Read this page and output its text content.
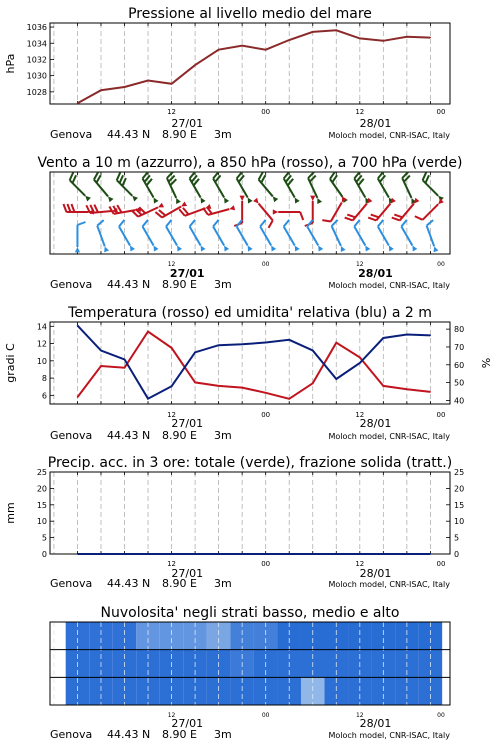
Pressione al livello medio del mare
1028
1030
1032
1034
1036
hPa
12	00	12	00
27/01	28/01
Genova 44.43 N 8.90 E 3m	Moloch model, CNR-ISAC, Italy
Vento a 10 m (azzurro), a 850 hPa (rosso), a 700 hPa (verde)
12	00	12	00
27/01	28/01
Genova 44.43 N 8.90 E 3m	Moloch model, CNR-ISAC, Italy
Temperatura (rosso) ed umidita' relativa (blu) a 2 m
6
8
10
12
14
40
50
60
70
80
gradi C	%
12	00	12	00
27/01	28/01
Genova 44.43 N 8.90 E 3m	Moloch model, CNR-ISAC, Italy
Precip. acc. in 3 ore: totale (verde), frazione solida (tratt.)
0
5
10
15
20
25
0
5
10
15
20
25
mm
12	00	12	00
27/01	28/01
Genova 44.43 N 8.90 E 3m	Moloch model, CNR-ISAC, Italy
Nuvolosita' negli strati basso, medio e alto
12	00	12	00
27/01	28/01
Genova 44.43 N 8.90 E 3m	Moloch model, CNR-ISAC, Italy
